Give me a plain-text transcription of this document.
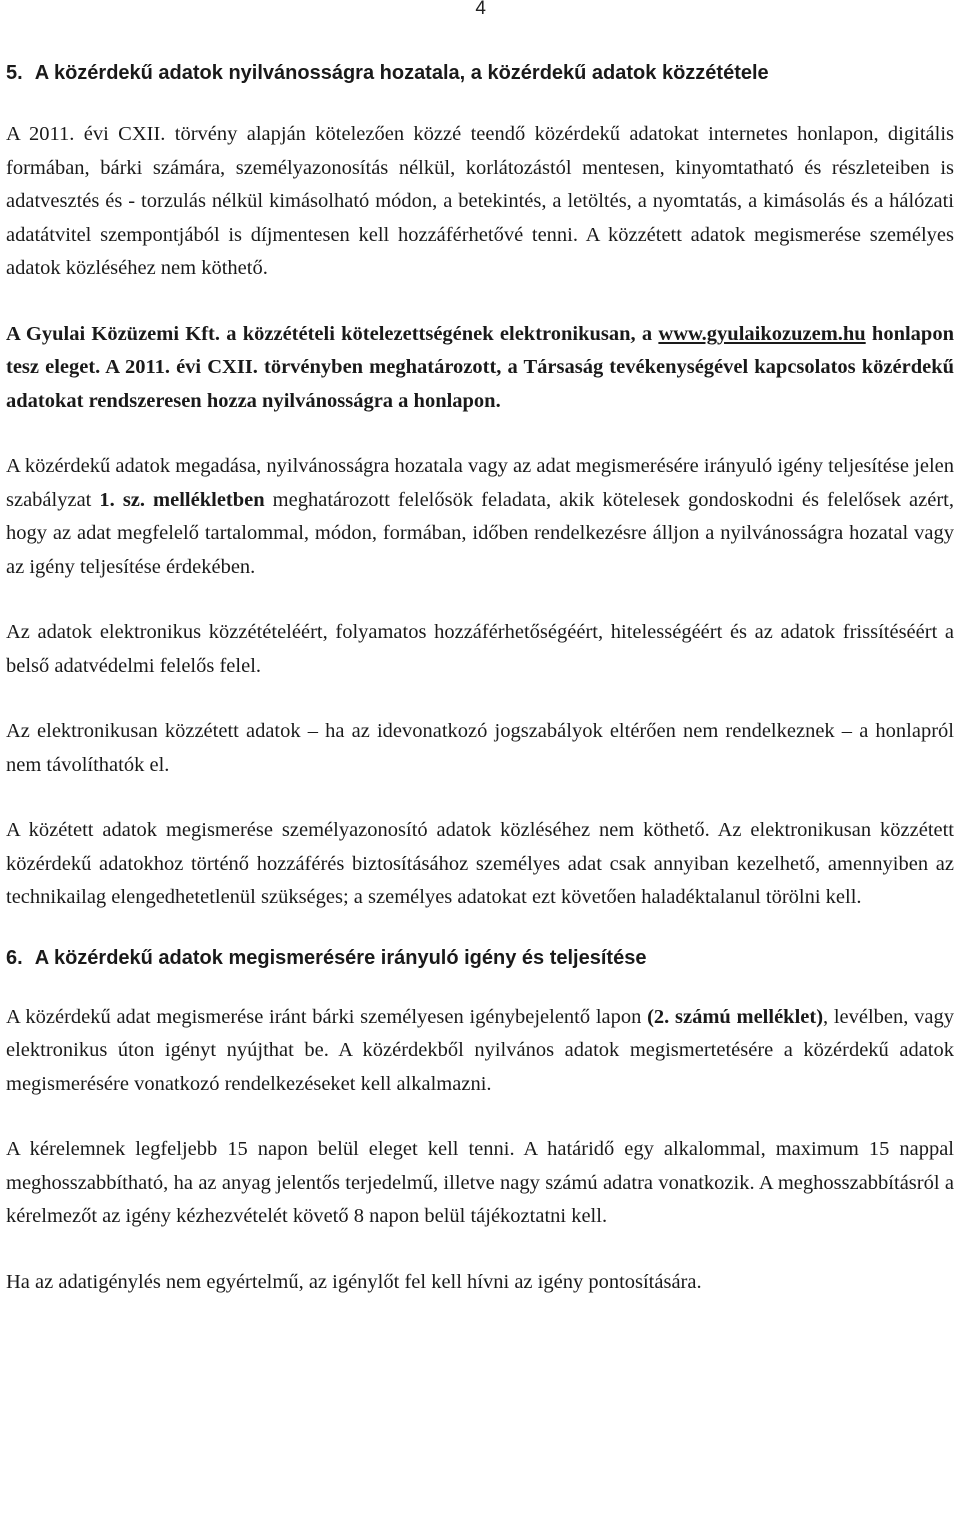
4
5. A közérdekű adatok nyilvánosságra hozatala, a közérdekű adatok közzététele

A 2011. évi CXII. törvény alapján kötelezően közzé teendő közérdekű adatokat internetes honlapon, digitális formában, bárki számára, személyazonosítás nélkül, korlátozástól mentesen, kinyomtatható és részleteiben is adatvesztés és - torzulás nélkül kimásolható módon, a betekintés, a letöltés, a nyomtatás, a kimásolás és a hálózati adatátvitel szempontjából is díjmentesen kell hozzáférhetővé tenni. A közzétett adatok megismerése személyes adatok közléséhez nem köthető.

A Gyulai Közüzemi Kft. a közzétételi kötelezettségének elektronikusan, a www.gyulaikozuzem.hu honlapon tesz eleget. A 2011. évi CXII. törvényben meghatározott, a Társaság tevékenységével kapcsolatos közérdekű adatokat rendszeresen hozza nyilvánosságra a honlapon.

A közérdekű adatok megadása, nyilvánosságra hozatala vagy az adat megismerésére irányuló igény teljesítése jelen szabályzat 1. sz. mellékletben meghatározott felelősök feladata, akik kötelesek gondoskodni és felelősek azért, hogy az adat megfelelő tartalommal, módon, formában, időben rendelkezésre álljon a nyilvánosságra hozatal vagy az igény teljesítése érdekében.

Az adatok elektronikus közzétételéért, folyamatos hozzáférhetőségéért, hitelességéért és az adatok frissítéséért a belső adatvédelmi felelős felel.

Az elektronikusan közzétett adatok – ha az idevonatkozó jogszabályok eltérően nem rendelkeznek – a honlapról nem távolíthatók el.

A közétett adatok megismerése személyazonosító adatok közléséhez nem köthető. Az elektronikusan közzétett közérdekű adatokhoz történő hozzáférés biztosításához személyes adat csak annyiban kezelhető, amennyiben az technikailag elengedhetetlenül szükséges; a személyes adatokat ezt követően haladéktalanul törölni kell.

6. A közérdekű adatok megismerésére irányuló igény és teljesítése

A közérdekű adat megismerése iránt bárki személyesen igénybejelentő lapon (2. számú melléklet), levélben, vagy elektronikus úton igényt nyújthat be. A közérdekből nyilvános adatok megismertetésére a közérdekű adatok megismerésére vonatkozó rendelkezéseket kell alkalmazni.

A kérelemnek legfeljebb 15 napon belül eleget kell tenni. A határidő egy alkalommal, maximum 15 nappal meghosszabbítható, ha az anyag jelentős terjedelmű, illetve nagy számú adatra vonatkozik. A meghosszabbításról a kérelmezőt az igény kézhezvételét követő 8 napon belül tájékoztatni kell.

Ha az adatigénylés nem egyértelmű, az igénylőt fel kell hívni az igény pontosítására.
